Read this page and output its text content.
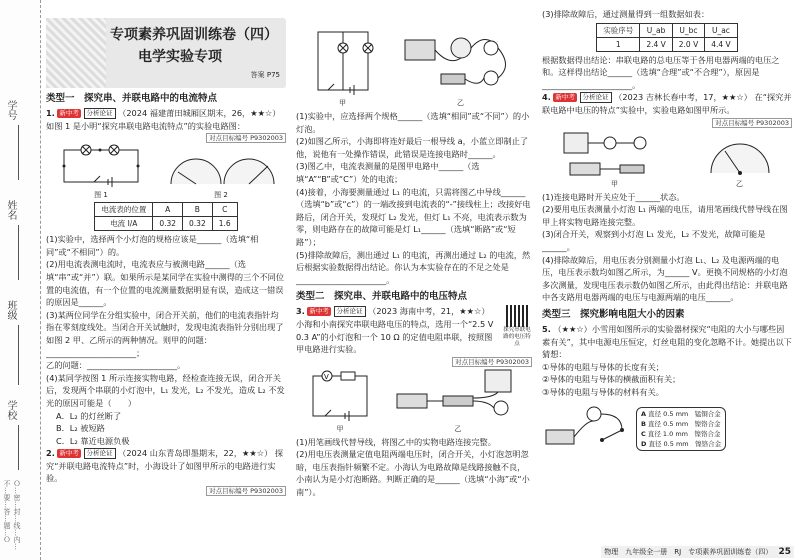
学号
姓名
班级
学校
Ｏ…密…封…线…内…不…要…答…题…Ｏ
专项素养巩固训练卷（四）
电学实验专项
答案 P75
类型一　探究串、并联电路中的电流特点

1. 新中考 分析论证 （2024 福建莆田城厢区期末，26，★★☆） 如图 1 是小明“探究串联电路电流特点”的实验电路图：

对点目标编号 P9302003
图 1	图 2
电流表的位置	A	B	C
电流 I/A	0.32	0.32	1.6

(1)实验中，选择两个小灯泡的规格应该是______（选填“相同”或“不相同”）的。

(2)用电流表测电流时，电流表应与被测电路______（选填“串”或“并”）联。如果所示是某同学在实验中测得的三个不同位置的电流值，有一个位置的电流测量数据明显有误，造成这一错误的原因是______。

(3)某两位同学在分组实验中，闭合开关前，他们的电流表指针均指在零刻度线处。当闭合开关试触时，发现电流表指针分别出现了如图 2 甲、乙所示的两种情况。则甲的问题：______________________；

乙的问题：______________________。

(4)某同学按图 1 所示连接实物电路，经检查连接无误，闭合开关后，发现两个串联的小灯泡中，L₁ 发光，L₂ 不发光，造成 L₂ 不发光的原因可能是（　　）

A．L₂ 的灯丝断了

B．L₂ 被短路

C．L₂ 靠近电源负极

2. 新中考 分析论证 （2024 山东青岛即墨期末，22，★★☆） 探究“并联电路电流特点”时，小海设计了如图甲所示的电路进行实验。

对点目标编号 P9302003
甲	乙

(1)实验中，应选择两个规格______（选填“相同”或“不同”）的小灯泡。

(2)如图乙所示，小海即将连好最后一根导线 a，小蓝立即制止了他，说他有一处操作错误，此错误是连接电路时______。

(3)图乙中，电流表测量的是图甲电路中______（选填“A”“B”或“C”）处的电流；

(4)接着，小海要测量通过 L₁ 的电流，只需将图乙中导线______（选填“b”或“c”）的一端改接到电流表的“-”接线柱上；改接好电路后，闭合开关，发现灯 L₂ 发光，但灯 L₁ 不亮，电流表示数为零，则电路存在的故障可能是灯 L₁______（选填“断路”或“短路”）；

(5)排除故障后，测出通过 L₁ 的电流，再测出通过 L₂ 的电流，然后根据实验数据得出结论。你认为本实验存在的不足之处是______________________。

类型二　探究串、并联电路中的电压特点

3. 新中考 分析论证 （2023 海南中考，21，★★☆） 小海和小南探究串联电路电压的特点，选用一个“2.5 V　0.3 A”的小灯泡和一个 10 Ω 的定值电阻串联，按照图甲电路进行实验。

探究串联电路的电压特点
对点目标编号 P9302003
V
甲	乙

(1)用笔画线代替导线，将图乙中的实物电路连接完整。

(2)用电压表测量定值电阻两端电压时，闭合开关，小灯泡忽明忽暗，电压表指针频繁不定。小海认为电路故障是线路接触不良，小南认为是小灯泡断路。判断正确的是______（选填“小海”或“小南”）。

(3)排除故障后，通过测量得到一组数据如表：

实验序号	U_ab	U_bc	U_ac
1	2.4 V	2.0 V	4.4 V

根据数据得出结论：串联电路的总电压等于各用电器两端的电压之和。这样得出结论______（选填“合理”或“不合理”），原因是______________________。

4. 新中考 分析论证 （2023 吉林长春中考，17，★★☆） 在“探究并联电路中电压的特点”实验中，实验电路如图甲所示。

对点目标编号 P9302003
甲	乙

(1)连接电路时开关应处于______状态。

(2)要用电压表测量小灯泡 L₁ 两端的电压，请用笔画线代替导线在图甲上将实物电路连接完整。

(3)闭合开关，观察到小灯泡 L₁ 发光，L₂ 不发光，故障可能是______。

(4)排除故障后，用电压表分别测量小灯泡 L₁、L₂ 及电源两端的电压，电压表示数均如图乙所示，为______ V。更换不同规格的小灯泡多次测量，发现电压表示数仍如图乙所示，由此得出结论：并联电路中各支路用电器两端的电压与电源两端的电压______。

类型三　探究影响电阻大小的因素

5. （★★☆）小雪用如图所示的实验器材探究“电阻的大小与哪些因素有关”，其中电源电压恒定，灯丝电阻的变化忽略不计。她提出以下猜想：

①导体的电阻与导体的长度有关；

②导体的电阻与导体的横截面积有关；

③导体的电阻与导体的材料有关。

A 直径 0.5 mm　锰铜合金
B 直径 0.5 mm　镍铬合金
C 直径 1.0 mm　镍铬合金
D 直径 0.5 mm　镍铬合金
物理　九年级全一册　RJ　专项素养巩固训练卷（四） 25
